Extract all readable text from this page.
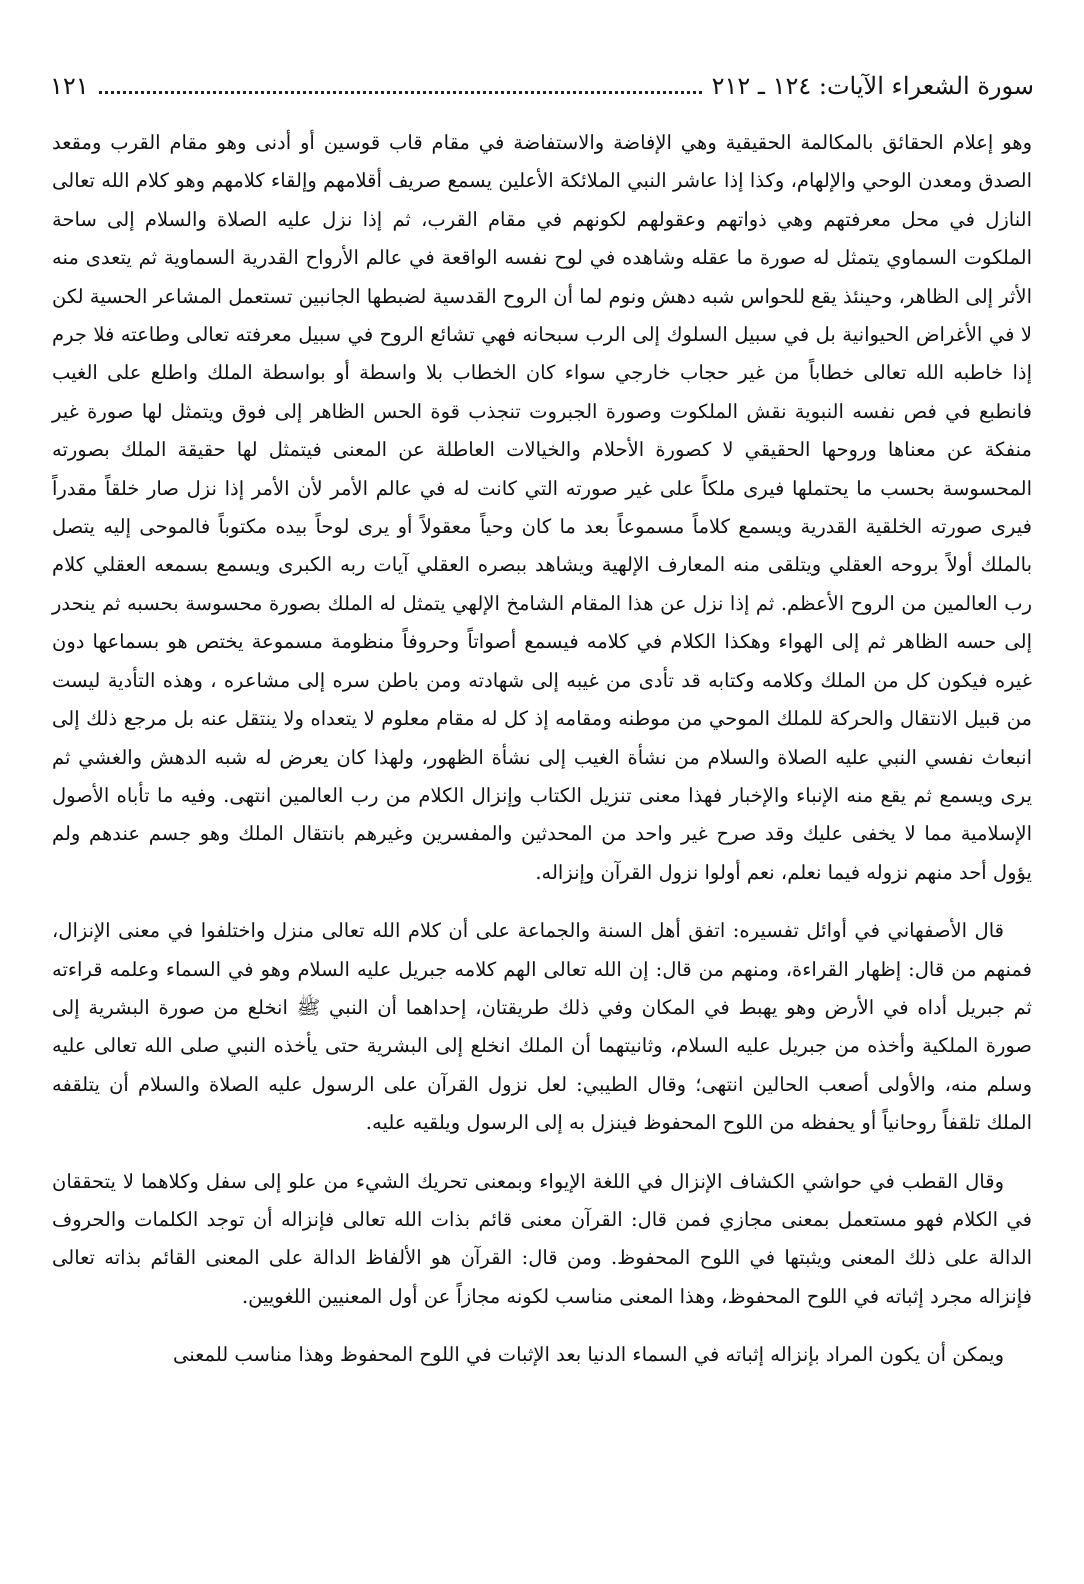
سورة الشعراء الآيات: ١٢٤ ـ ٢١٢
١٢١

وهو إعلام الحقائق بالمكالمة الحقيقية وهي الإفاضة والاستفاضة في مقام قاب قوسين أو أدنى وهو مقام القرب ومقعد الصدق ومعدن الوحي والإلهام، وكذا إذا عاشر النبي الملائكة الأعلين يسمع صريف أقلامهم وإلقاء كلامهم وهو كلام الله تعالى النازل في محل معرفتهم وهي ذواتهم وعقولهم لكونهم في مقام القرب، ثم إذا نزل عليه الصلاة والسلام إلى ساحة الملكوت السماوي يتمثل له صورة ما عقله وشاهده في لوح نفسه الواقعة في عالم الأرواح القدرية السماوية ثم يتعدى منه الأثر إلى الظاهر، وحينئذ يقع للحواس شبه دهش ونوم لما أن الروح القدسية لضبطها الجانبين تستعمل المشاعر الحسية لكن لا في الأغراض الحيوانية بل في سبيل السلوك إلى الرب سبحانه فهي تشائع الروح في سبيل معرفته تعالى وطاعته فلا جرم إذا خاطبه الله تعالى خطاباً من غير حجاب خارجي سواء كان الخطاب بلا واسطة أو بواسطة الملك واطلع على الغيب فانطبع في فص نفسه النبوية نقش الملكوت وصورة الجبروت تنجذب قوة الحس الظاهر إلى فوق ويتمثل لها صورة غير منفكة عن معناها وروحها الحقيقي لا كصورة الأحلام والخيالات العاطلة عن المعنى فيتمثل لها حقيقة الملك بصورته المحسوسة بحسب ما يحتملها فيرى ملكاً على غير صورته التي كانت له في عالم الأمر لأن الأمر إذا نزل صار خلقاً مقدراً فيرى صورته الخلقية القدرية ويسمع كلاماً مسموعاً بعد ما كان وحياً معقولاً أو يرى لوحاً بيده مكتوباً فالموحى إليه يتصل بالملك أولاً بروحه العقلي ويتلقى منه المعارف الإلهية ويشاهد ببصره العقلي آيات ربه الكبرى ويسمع بسمعه العقلي كلام رب العالمين من الروح الأعظم. ثم إذا نزل عن هذا المقام الشامخ الإلهي يتمثل له الملك بصورة محسوسة بحسبه ثم ينحدر إلى حسه الظاهر ثم إلى الهواء وهكذا الكلام في كلامه فيسمع أصواتاً وحروفاً منظومة مسموعة يختص هو بسماعها دون غيره فيكون كل من الملك وكلامه وكتابه قد تأدى من غيبه إلى شهادته ومن باطن سره إلى مشاعره ، وهذه التأدية ليست من قبيل الانتقال والحركة للملك الموحي من موطنه ومقامه إذ كل له مقام معلوم لا يتعداه ولا ينتقل عنه بل مرجع ذلك إلى انبعاث نفسي النبي عليه الصلاة والسلام من نشأة الغيب إلى نشأة الظهور، ولهذا كان يعرض له شبه الدهش والغشي ثم يرى ويسمع ثم يقع منه الإنباء والإخبار فهذا معنى تنزيل الكتاب وإنزال الكلام من رب العالمين انتهى. وفيه ما تأباه الأصول الإسلامية مما لا يخفى عليك وقد صرح غير واحد من المحدثين والمفسرين وغيرهم بانتقال الملك وهو جسم عندهم ولم يؤول أحد منهم نزوله فيما نعلم، نعم أولوا نزول القرآن وإنزاله.

قال الأصفهاني في أوائل تفسيره: اتفق أهل السنة والجماعة على أن كلام الله تعالى منزل واختلفوا في معنى الإنزال، فمنهم من قال: إظهار القراءة، ومنهم من قال: إن الله تعالى الهم كلامه جبريل عليه السلام وهو في السماء وعلمه قراءته ثم جبريل أداه في الأرض وهو يهبط في المكان وفي ذلك طريقتان، إحداهما أن النبي ﷺ انخلع من صورة البشرية إلى صورة الملكية وأخذه من جبريل عليه السلام، وثانيتهما أن الملك انخلع إلى البشرية حتى يأخذه النبي صلى الله تعالى عليه وسلم منه، والأولى أصعب الحالين انتهى؛ وقال الطيبي: لعل نزول القرآن على الرسول عليه الصلاة والسلام أن يتلقفه الملك تلقفاً روحانياً أو يحفظه من اللوح المحفوظ فينزل به إلى الرسول ويلقيه عليه.

وقال القطب في حواشي الكشاف الإنزال في اللغة الإيواء وبمعنى تحريك الشيء من علو إلى سفل وكلاهما لا يتحققان في الكلام فهو مستعمل بمعنى مجازي فمن قال: القرآن معنى قائم بذات الله تعالى فإنزاله أن توجد الكلمات والحروف الدالة على ذلك المعنى ويثبتها في اللوح المحفوظ. ومن قال: القرآن هو الألفاظ الدالة على المعنى القائم بذاته تعالى فإنزاله مجرد إثباته في اللوح المحفوظ، وهذا المعنى مناسب لكونه مجازاً عن أول المعنيين اللغويين.

ويمكن أن يكون المراد بإنزاله إثباته في السماء الدنيا بعد الإثبات في اللوح المحفوظ وهذا مناسب للمعنى
